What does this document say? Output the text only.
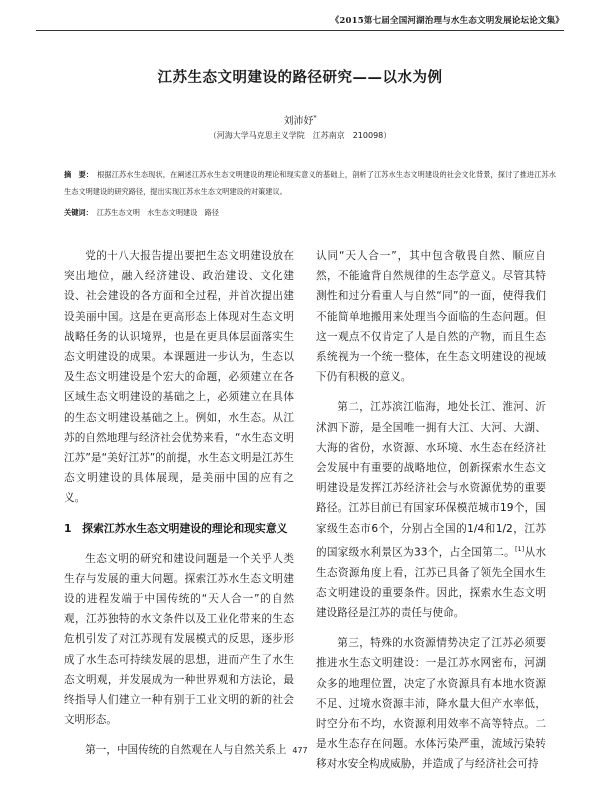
《2015第七届全国河湖治理与水生态文明发展论坛论文集》
江苏生态文明建设的路径研究——以水为例
刘沛妤*
（河海大学马克思主义学院　江苏南京　210098）
摘　要： 根据江苏水生态现状，在阐述江苏水生态文明建设的理论和现实意义的基础上，剖析了江苏水生态文明建设的社会文化背景，探讨了推进江苏水生态文明建设的研究路径，提出实现江苏水生态文明建设的对策建议。
关键词： 江苏生态文明　水生态文明建设　路径

党的十八大报告提出要把生态文明建设放在突出地位，融入经济建设、政治建设、文化建设、社会建设的各方面和全过程，并首次提出建设美丽中国。这是在更高形态上体现对生态文明战略任务的认识境界，也是在更具体层面落实生态文明建设的成果。本课题进一步认为，生态以及生态文明建设是个宏大的命题，必须建立在各区域生态文明建设的基础之上，必须建立在具体的生态文明建设基础之上。例如，水生态。从江苏的自然地理与经济社会优势来看，“水生态文明江苏”是“美好江苏”的前提，水生态文明是江苏生态文明建设的具体展现，是美丽中国的应有之义。

1　探索江苏水生态文明建设的理论和现实意义

生态文明的研究和建设问题是一个关乎人类生存与发展的重大问题。探索江苏水生态文明建设的进程发端于中国传统的“天人合一”的自然观，江苏独特的水文条件以及工业化带来的生态危机引发了对江苏现有发展模式的反思，逐步形成了水生态可持续发展的思想，进而产生了水生态文明观，并发展成为一种世界观和方法论，最终指导人们建立一种有别于工业文明的新的社会文明形态。

第一，中国传统的自然观在人与自然关系上

认同“天人合一”，其中包含敬畏自然、顺应自然，不能逾背自然规律的生态学意义。尽管其特测性和过分看重人与自然“同”的一面，使得我们不能简单地搬用来处理当今面临的生态问题。但这一观点不仅肯定了人是自然的产物，而且生态系统视为一个统一整体，在生态文明建设的视域下仍有积极的意义。

第二，江苏滨江临海，地处长江、淮河、沂沭泗下游，是全国唯一拥有大江、大河、大湖、大海的省份，水资源、水环境、水生态在经济社会发展中有重要的战略地位，创新探索水生态文明建设是发挥江苏经济社会与水资源优势的重要路径。江苏目前已有国家环保模范城市19个，国家级生态市6个，分别占全国的1/4和1/2，江苏的国家级水利景区为33个，占全国第二。[1]从水生态资源角度上看，江苏已具备了领先全国水生态文明建设的重要条件。因此，探索水生态文明建设路径是江苏的责任与使命。

第三，特殊的水资源情势决定了江苏必须要推进水生态文明建设：一是江苏水网密布，河湖众多的地理位置，决定了水资源具有本地水资源不足、过境水资源丰沛，降水量大但产水率低，时空分布不均，水资源利用效率不高等特点。二是水生态存在问题。水体污染严重，流域污染转移对水安全构成威胁，并造成了与经济社会可持

477
